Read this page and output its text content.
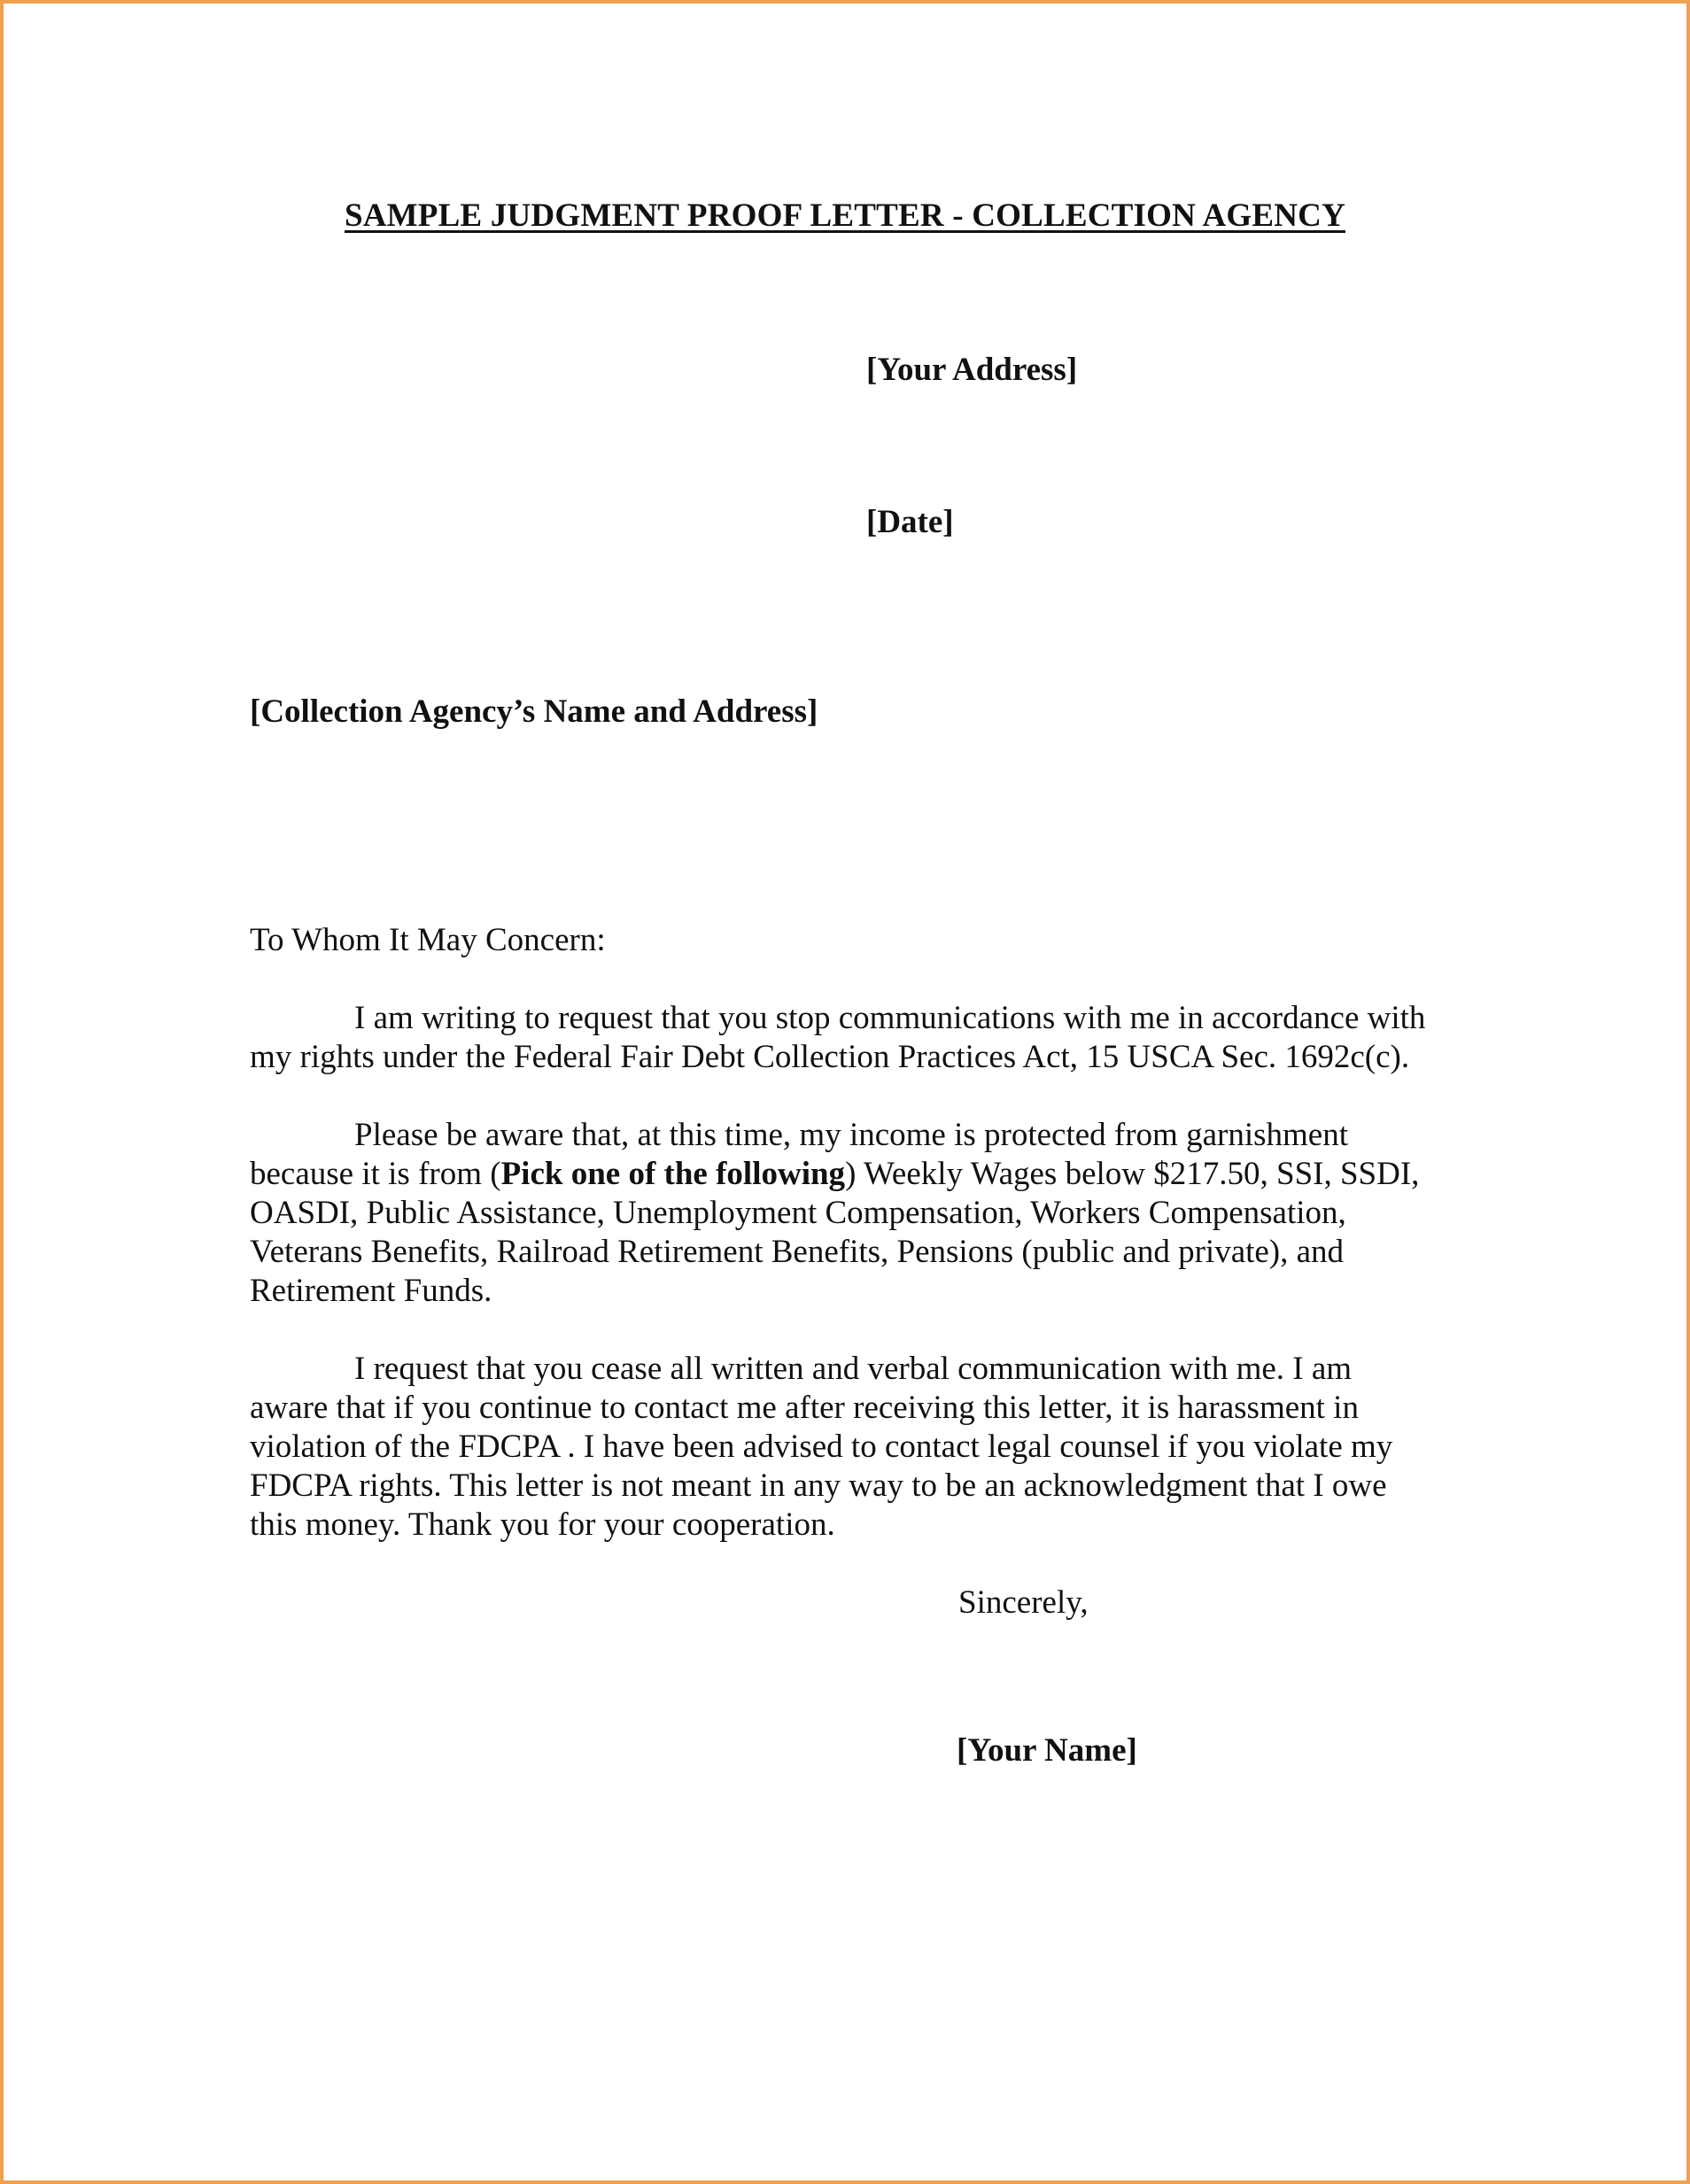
SAMPLE JUDGMENT PROOF LETTER - COLLECTION AGENCY
[Your Address]
[Date]
[Collection Agency’s Name and Address]
To Whom It May Concern:
I am writing to request that you stop communications with me in accordance with
my rights under the Federal Fair Debt Collection Practices Act, 15 USCA Sec. 1692c(c).
Please be aware that, at this time, my income is protected from garnishment
because it is from (Pick one of the following) Weekly Wages below $217.50, SSI, SSDI,
OASDI, Public Assistance, Unemployment Compensation, Workers Compensation,
Veterans Benefits, Railroad Retirement Benefits, Pensions (public and private), and
Retirement Funds.
I request that you cease all written and verbal communication with me. I am
aware that if you continue to contact me after receiving this letter, it is harassment in
violation of the FDCPA . I have been advised to contact legal counsel if you violate my
FDCPA rights. This letter is not meant in any way to be an acknowledgment that I owe
this money. Thank you for your cooperation.
Sincerely,
[Your Name]
